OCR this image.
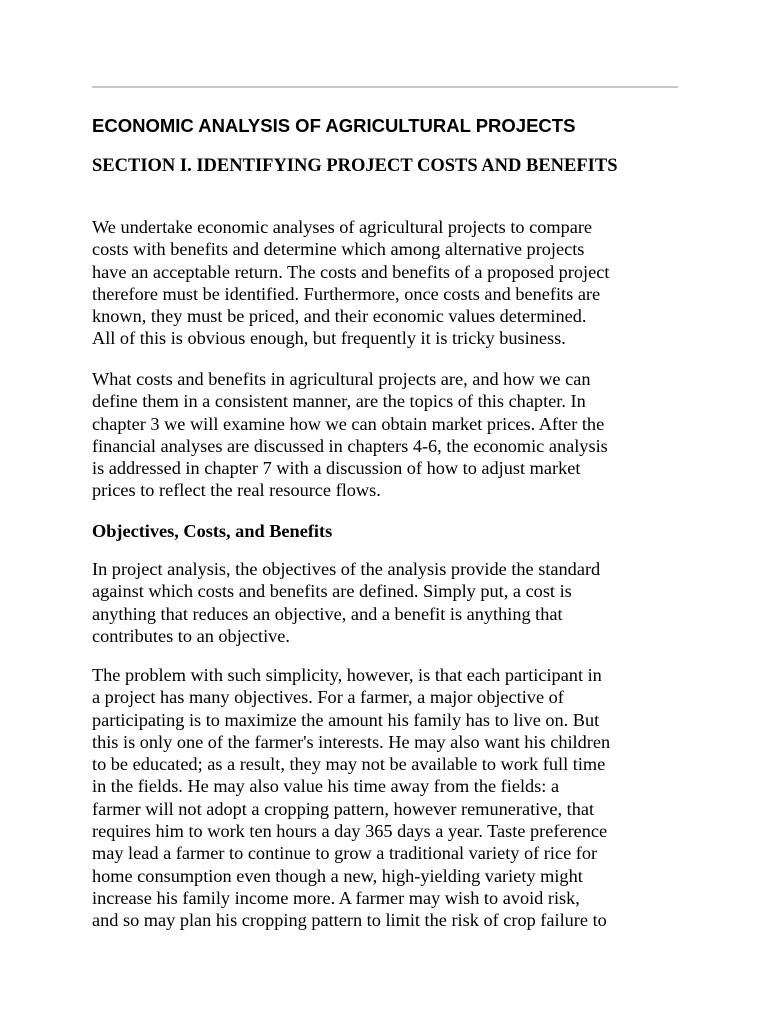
ECONOMIC ANALYSIS OF AGRICULTURAL PROJECTS
SECTION I. IDENTIFYING PROJECT COSTS AND BENEFITS

We undertake economic analyses of agricultural projects to compare
costs with benefits and determine which among alternative projects
have an acceptable return. The costs and benefits of a proposed project
therefore must be identified. Furthermore, once costs and benefits are
known, they must be priced, and their economic values determined.
All of this is obvious enough, but frequently it is tricky business.

What costs and benefits in agricultural projects are, and how we can
define them in a consistent manner, are the topics of this chapter. In
chapter 3 we will examine how we can obtain market prices. After the
financial analyses are discussed in chapters 4-6, the economic analysis
is addressed in chapter 7 with a discussion of how to adjust market
prices to reflect the real resource flows.

Objectives, Costs, and Benefits

In project analysis, the objectives of the analysis provide the standard
against which costs and benefits are defined. Simply put, a cost is
anything that reduces an objective, and a benefit is anything that
contributes to an objective.

The problem with such simplicity, however, is that each participant in
a project has many objectives. For a farmer, a major objective of
participating is to maximize the amount his family has to live on. But
this is only one of the farmer's interests. He may also want his children
to be educated; as a result, they may not be available to work full time
in the fields. He may also value his time away from the fields: a
farmer will not adopt a cropping pattern, however remunerative, that
requires him to work ten hours a day 365 days a year. Taste preference
may lead a farmer to continue to grow a traditional variety of rice for
home consumption even though a new, high-yielding variety might
increase his family income more. A farmer may wish to avoid risk,
and so may plan his cropping pattern to limit the risk of crop failure to
